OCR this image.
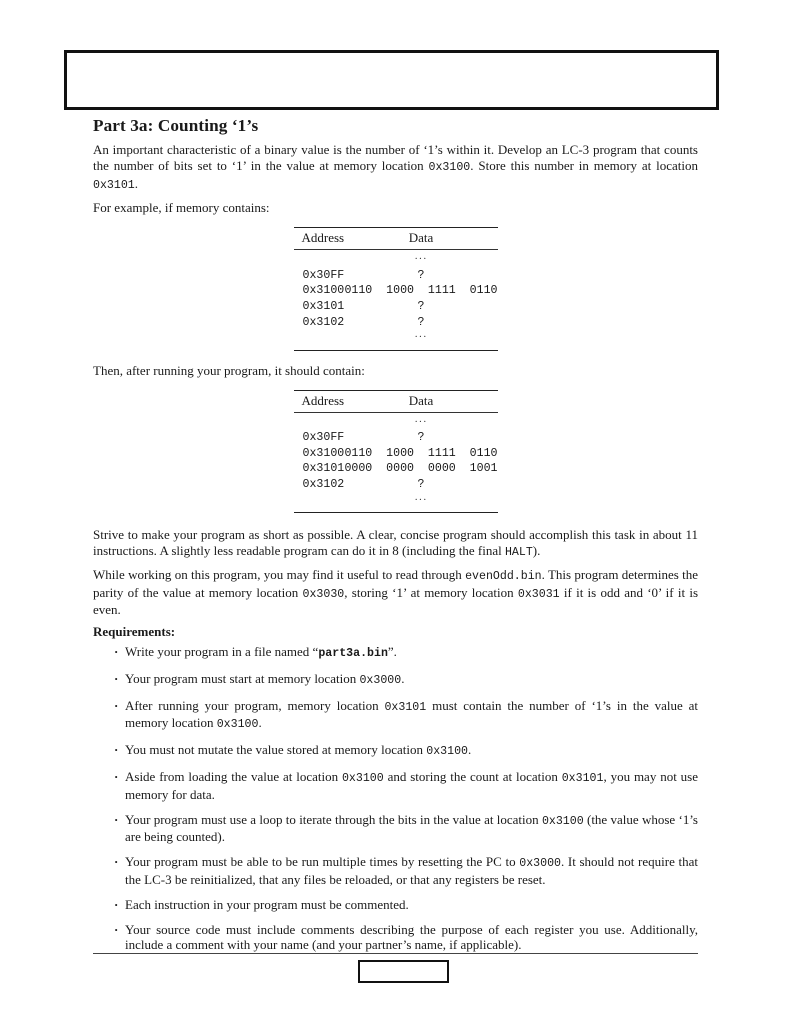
Part 3a: Counting ‘1’s

An important characteristic of a binary value is the number of ‘1’s within it. Develop an LC-3 program that counts the number of bits set to ‘1’ in the value at memory location 0x3100. Store this number in memory at location 0x3101.

For example, if memory contains:

Address	Data
	···
0x30FF	?
0x3100	0110  1000  1111  0110
0x3101	?
0x3102	?
	···

Then, after running your program, it should contain:

Address	Data
	···
0x30FF	?
0x3100	0110  1000  1111  0110
0x3101	0000  0000  0000  1001
0x3102	?
	···

Strive to make your program as short as possible. A clear, concise program should accomplish this task in about 11 instructions. A slightly less readable program can do it in 8 (including the final HALT).

While working on this program, you may find it useful to read through evenOdd.bin. This program determines the parity of the value at memory location 0x3030, storing ‘1’ at memory location 0x3031 if it is odd and ‘0’ if it is even.

Requirements:
· Write your program in a file named “part3a.bin”.
· Your program must start at memory location 0x3000.
· After running your program, memory location 0x3101 must contain the number of ‘1’s in the value at memory location 0x3100.
· You must not mutate the value stored at memory location 0x3100.
· Aside from loading the value at location 0x3100 and storing the count at location 0x3101, you may not use memory for data.
· Your program must use a loop to iterate through the bits in the value at location 0x3100 (the value whose ‘1’s are being counted).
· Your program must be able to be run multiple times by resetting the PC to 0x3000. It should not require that the LC-3 be reinitialized, that any files be reloaded, or that any registers be reset.
· Each instruction in your program must be commented.
· Your source code must include comments describing the purpose of each register you use. Additionally, include a comment with your name (and your partner’s name, if applicable).
